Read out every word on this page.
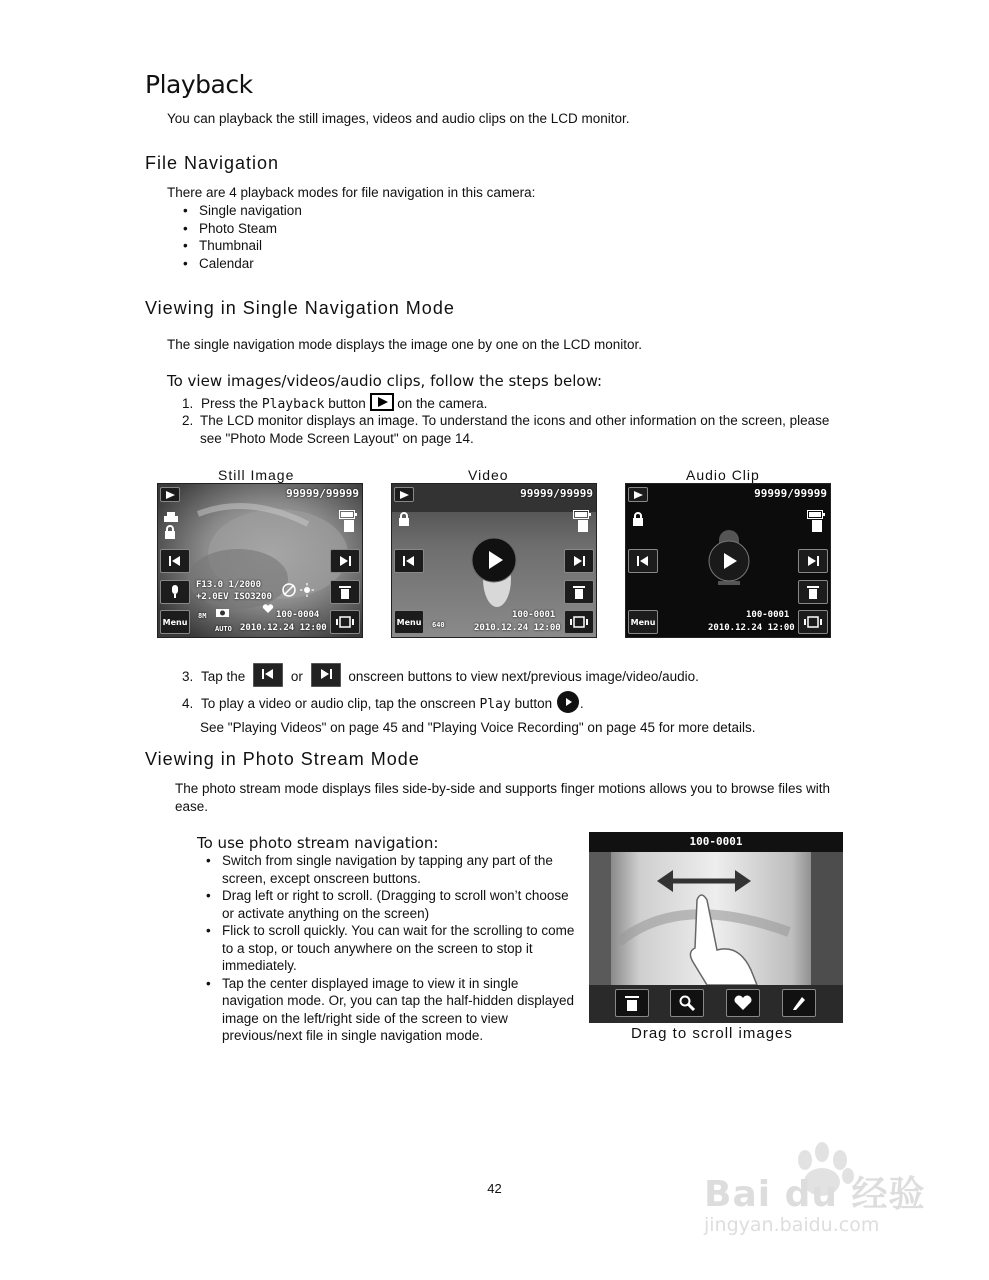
Playback
You can playback the still images, videos and audio clips on the LCD monitor.
File Navigation
There are 4 playback modes for file navigation in this camera:
• Single navigation
• Photo Steam
• Thumbnail
• Calendar
Viewing in Single Navigation Mode
The single navigation mode displays the image one by one on the LCD monitor.
To view images/videos/audio clips, follow the steps below:
1. Press the Playback button on the camera.
2. The LCD monitor displays an image. To understand the icons and other information on the screen, please see "Photo Mode Screen Layout" on page 14.
Still Image	Video	Audio Clip
99999/99999
F13.0 1/2000
+2.0EV ISO3200
Menu
8M
AUTO
100-0004
2010.12.24 12:00
99999/99999
Menu	640
100-0001
2010.12.24 12:00
99999/99999
Menu
100-0001
2010.12.24 12:00
3. Tap the	or	onscreen buttons to view next/previous image/video/audio.
4. To play a video or audio clip, tap the onscreen Play button .
See "Playing Videos" on page 45 and "Playing Voice Recording" on page 45 for more details.
Viewing in Photo Stream Mode
The photo stream mode displays files side-by-side and supports finger motions allows you to browse files with ease.
To use photo stream navigation:
• Switch from single navigation by tapping any part of the screen, except onscreen buttons.
• Drag left or right to scroll. (Dragging to scroll won’t choose or activate anything on the screen)
• Flick to scroll quickly. You can wait for the scrolling to come to a stop, or touch anywhere on the screen to stop it immediately.
• Tap the center displayed image to view it in single navigation mode. Or, you can tap the half-hidden displayed image on the left/right side of the screen to view previous/next file in single navigation mode.
100-0001
Drag to scroll images
42	Bai du 经验
jingyan.baidu.com
